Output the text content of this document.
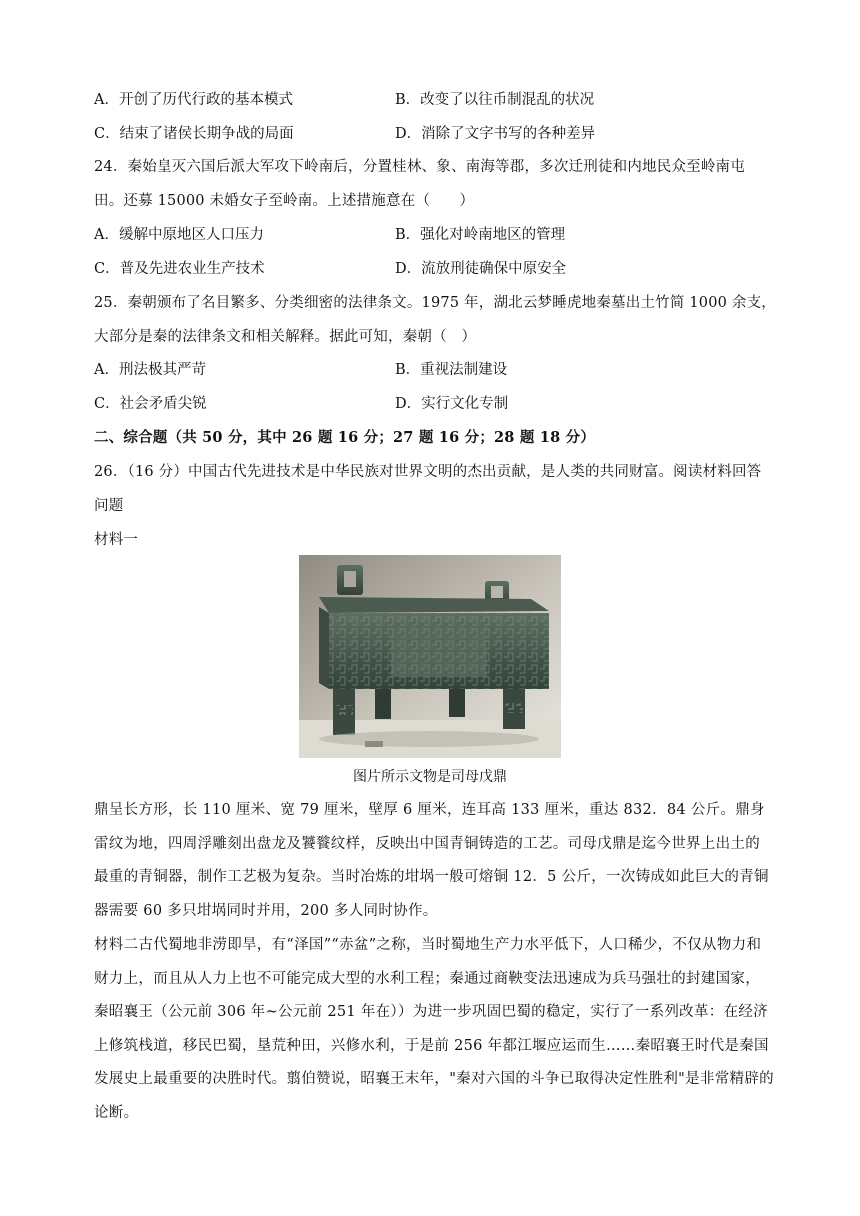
A．开创了历代行政的基本模式	B．改变了以往币制混乱的状况
C．结束了诸侯长期争战的局面	D．消除了文字书写的各种差异
24．秦始皇灭六国后派大军攻下岭南后，分置桂林、象、南海等郡，多次迁刑徒和内地民众至岭南屯
田。还募 15000 未婚女子至岭南。上述措施意在（　　）
A．缓解中原地区人口压力	B．强化对岭南地区的管理
C．普及先进农业生产技术	D．流放刑徒确保中原安全
25．秦朝颁布了名目繁多、分类细密的法律条文。1975 年，湖北云梦睡虎地秦墓出土竹简 1000 余支，
大部分是秦的法律条文和相关解释。据此可知，秦朝（　）
A．刑法极其严苛	B．重视法制建设
C．社会矛盾尖锐	D．实行文化专制
二、综合题（共 50 分，其中 26 题 16 分；27 题 16 分；28 题 18 分）
26．（16 分）中国古代先进技术是中华民族对世界文明的杰出贡献，是人类的共同财富。阅读材料回答
问题
材料一
图片所示文物是司母戊鼎
鼎呈长方形，长 110 厘米、宽 79 厘米，壁厚 6 厘米，连耳高 133 厘米，重达 832．84 公斤。鼎身雷纹为地，四周浮雕刻出盘龙及饕餮纹样，反映出中国青铜铸造的工艺。司母戊鼎是迄今世界上出土的最重的青铜器，制作工艺极为复杂。当时冶炼的坩埚一般可熔铜 12．5 公斤，一次铸成如此巨大的青铜器需要 60 多只坩埚同时并用，200 多人同时协作。
材料二古代蜀地非涝即旱，有“泽国”“赤盆”之称，当时蜀地生产力水平低下，人口稀少，不仅从物力和财力上，而且从人力上也不可能完成大型的水利工程；秦通过商鞅变法迅速成为兵马强壮的封建国家，秦昭襄王（公元前 306 年~公元前 251 年在））为进一步巩固巴蜀的稳定，实行了一系列改革：在经济上修筑栈道，移民巴蜀，垦荒种田，兴修水利，于是前 256 年都江堰应运而生……秦昭襄王时代是秦国发展史上最重要的决胜时代。翦伯赞说，昭襄王末年，"秦对六国的斗争已取得决定性胜利"是非常精辟的论断。
